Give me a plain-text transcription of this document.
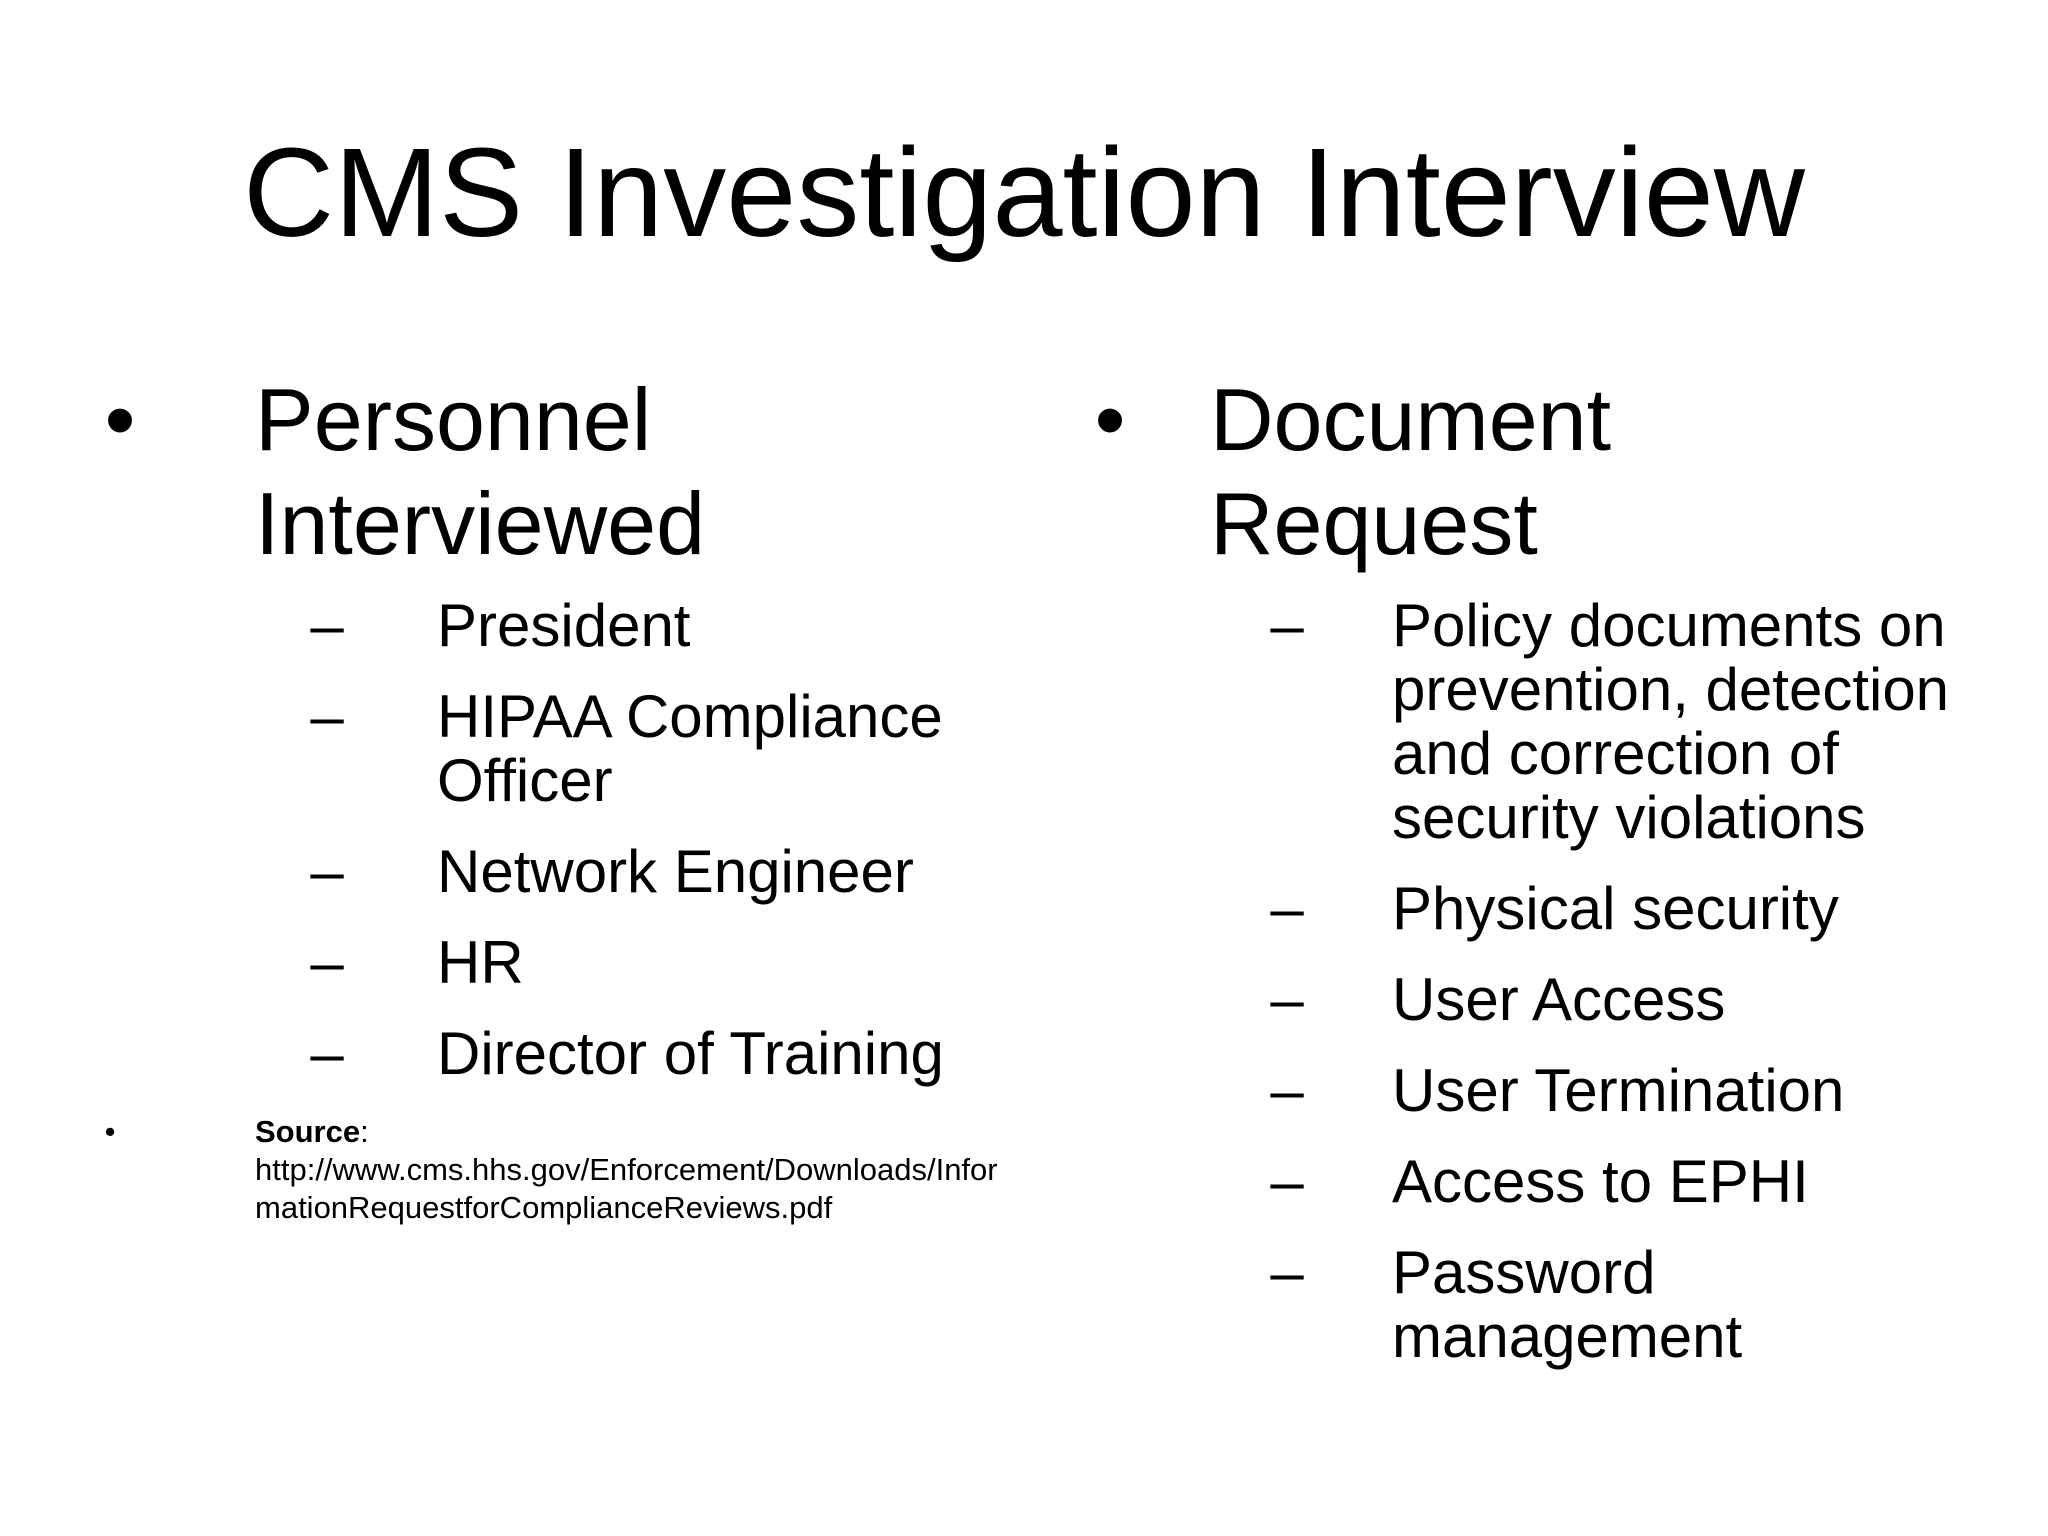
CMS Investigation Interview
• Personnel Interviewed
– President
– HIPAA Compliance Officer
– Network Engineer
– HR
– Director of Training
•	Source:
http://www.cms.hhs.gov/Enforcement/Downloads/InformationRequestforComplianceReviews.pdf
• Document Request
– Policy documents on prevention, detection and correction of security violations
– Physical security
– User Access
– User Termination
– Access to EPHI
– Password management
